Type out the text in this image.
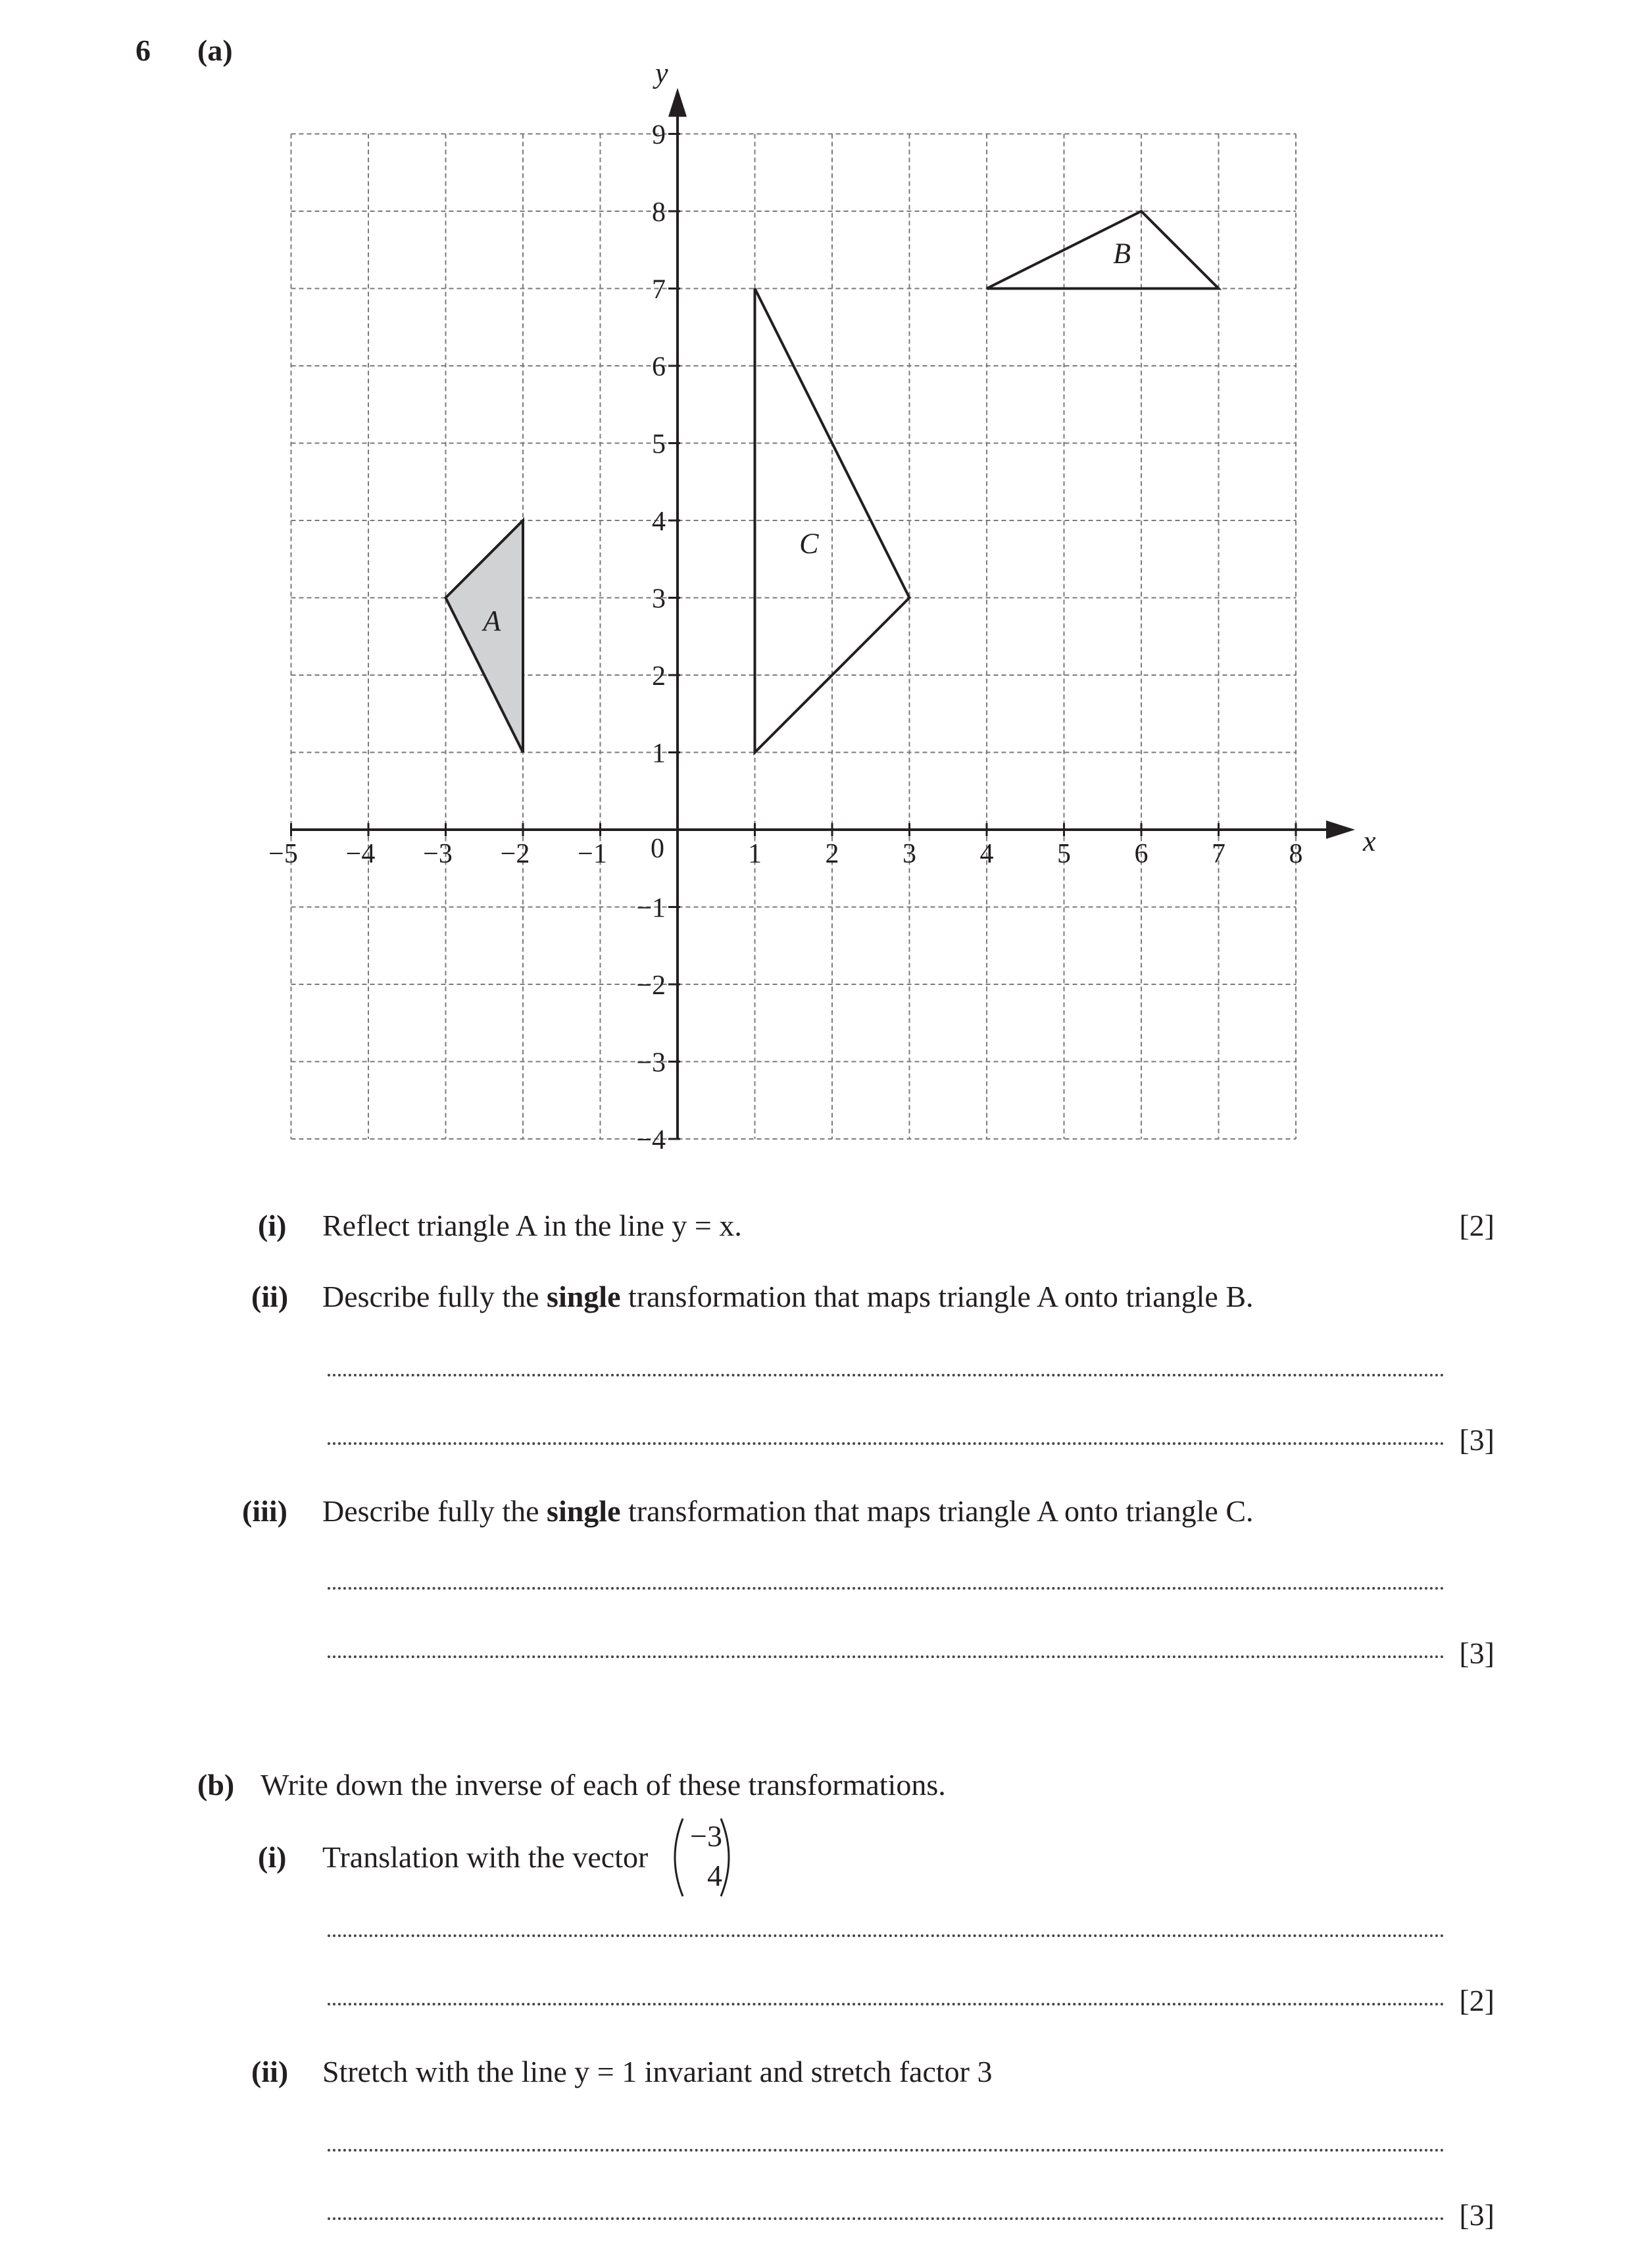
6 (a)
−5 −4 −3 −2 −1	1 2 3 4 5 6 7 8
−4
−3
−2
−1
1
2
3
4
5
6
7
8
9
0	x
y
A
B
C
(i) Reflect triangle A in the line y = x.	[2]
(ii) Describe fully the single transformation that maps triangle A onto triangle B.
[3]
(iii) Describe fully the single transformation that maps triangle A onto triangle C.
[3]
(b) Write down the inverse of each of these transformations.
(i) Translation with the vector
−3
4
[2]
(ii) Stretch with the line y = 1 invariant and stretch factor 3
[3]
